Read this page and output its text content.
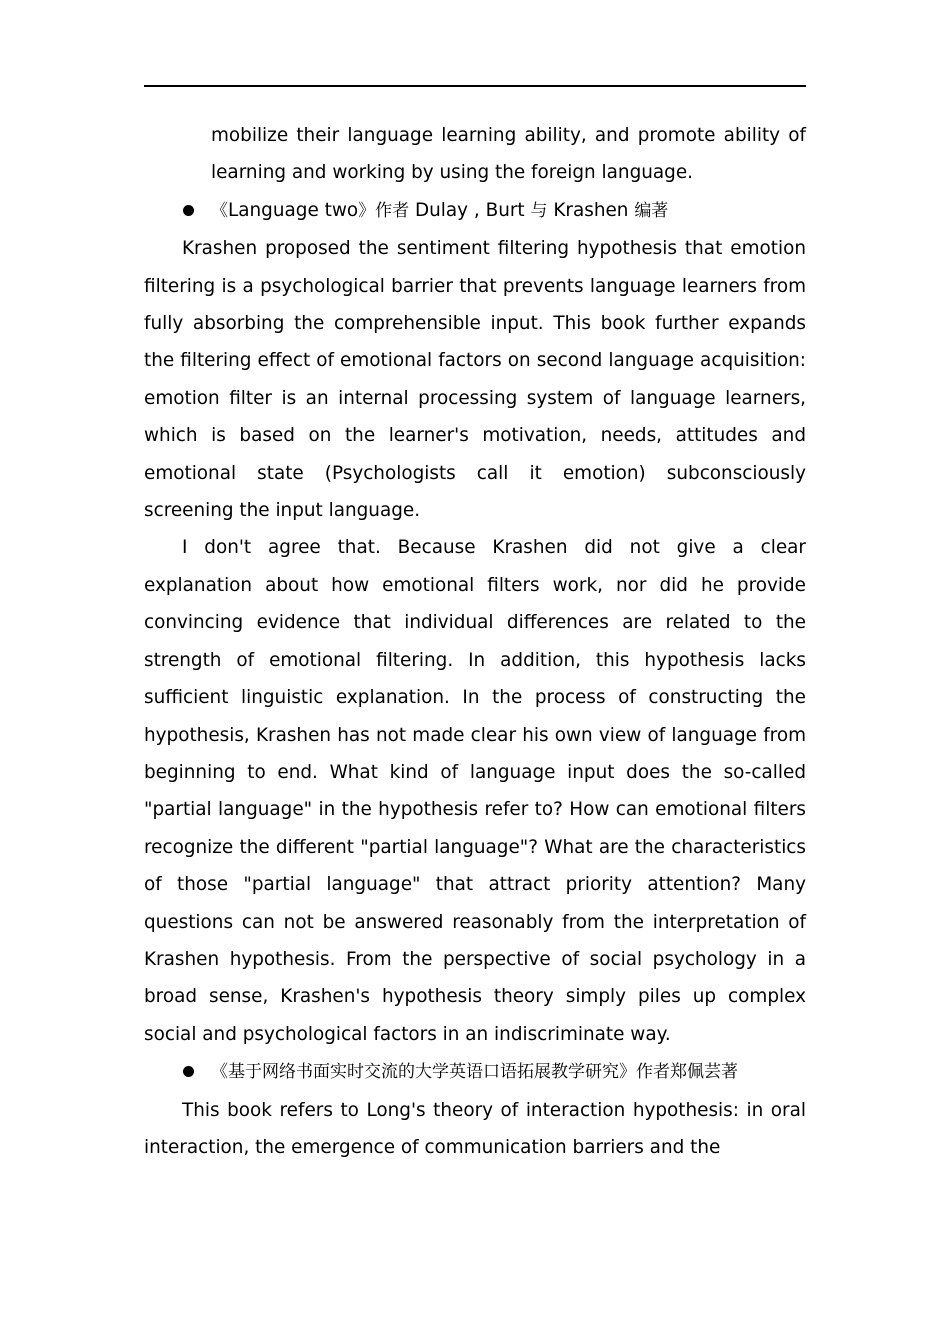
mobilize their language learning ability, and promote ability of learning and working by using the foreign language.

《Language two》作者 Dulay , Burt 与 Krashen 编著

Krashen proposed the sentiment filtering hypothesis that emotion filtering is a psychological barrier that prevents language learners from fully absorbing the comprehensible input. This book further expands the filtering effect of emotional factors on second language acquisition: emotion filter is an internal processing system of language learners, which is based on the learner's motivation, needs, attitudes and emotional state (Psychologists call it emotion) subconsciously screening the input language.

I don't agree that. Because Krashen did not give a clear explanation about how emotional filters work, nor did he provide convincing evidence that individual differences are related to the strength of emotional filtering. In addition, this hypothesis lacks sufficient linguistic explanation. In the process of constructing the hypothesis, Krashen has not made clear his own view of language from beginning to end. What kind of language input does the so-called "partial language" in the hypothesis refer to? How can emotional filters recognize the different "partial language"? What are the characteristics of those "partial language" that attract priority attention? Many questions can not be answered reasonably from the interpretation of Krashen hypothesis. From the perspective of social psychology in a broad sense, Krashen's hypothesis theory simply piles up complex social and psychological factors in an indiscriminate way.

《基于网络书面实时交流的大学英语口语拓展教学研究》作者郑佩芸著

This book refers to Long's theory of interaction hypothesis: in oral interaction, the emergence of communication barriers and the
